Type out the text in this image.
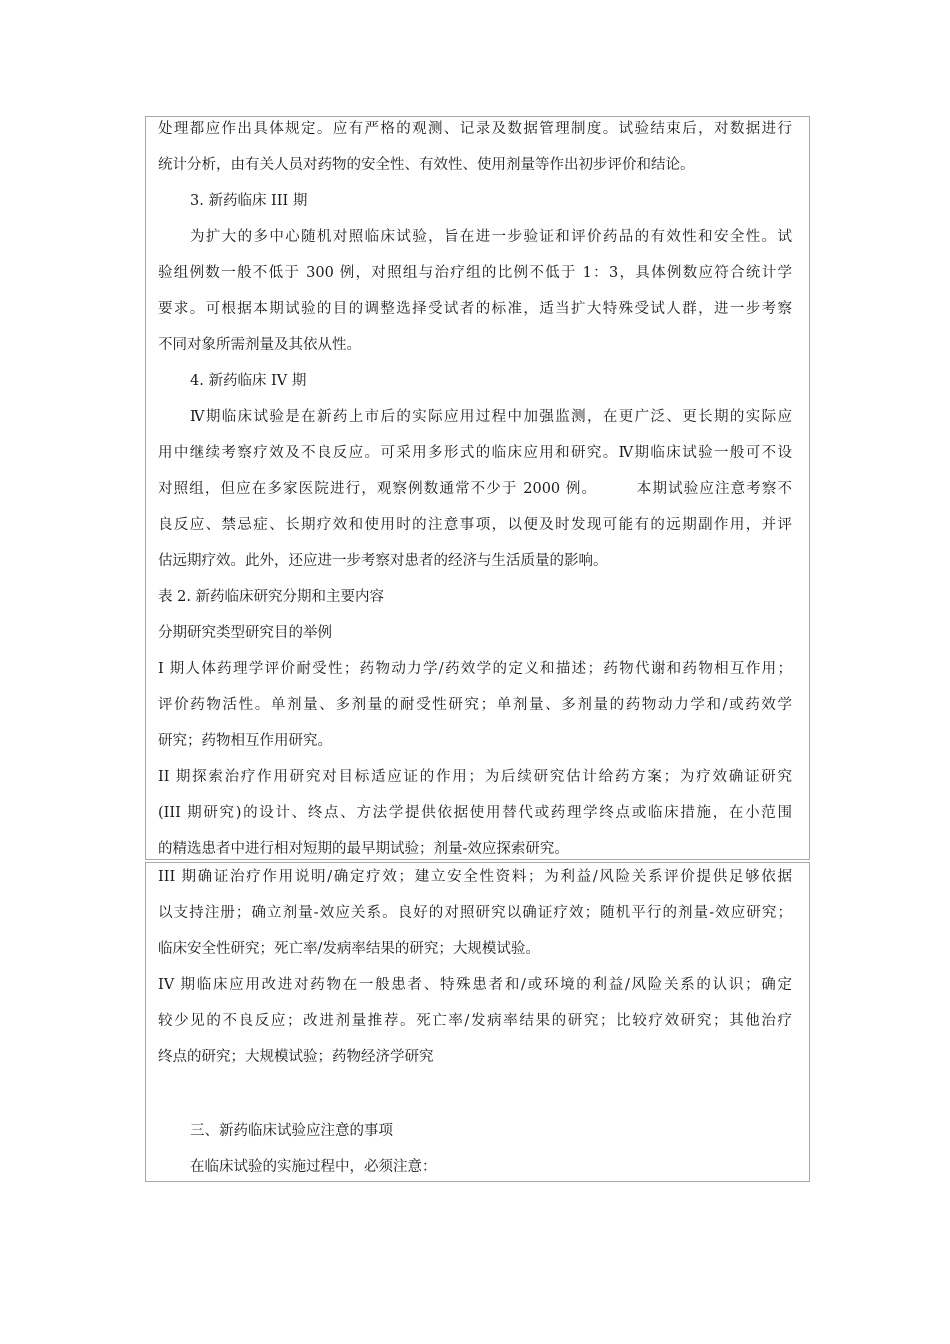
处理都应作出具体规定。应有严格的观测、记录及数据管理制度。试验结束后，对数据进行

统计分析，由有关人员对药物的安全性、有效性、使用剂量等作出初步评价和结论。

3. 新药临床 III 期

为扩大的多中心随机对照临床试验，旨在进一步验证和评价药品的有效性和安全性。试

验组例数一般不低于 300 例，对照组与治疗组的比例不低于 1：3，具体例数应符合统计学

要求。可根据本期试验的目的调整选择受试者的标准，适当扩大特殊受试人群，进一步考察

不同对象所需剂量及其依从性。

4. 新药临床 IV 期

Ⅳ期临床试验是在新药上市后的实际应用过程中加强监测，在更广泛、更长期的实际应

用中继续考察疗效及不良反应。可采用多形式的临床应用和研究。Ⅳ期临床试验一般可不设

对照组，但应在多家医院进行，观察例数通常不少于 2000 例。　　　本期试验应注意考察不

良反应、禁忌症、长期疗效和使用时的注意事项，以便及时发现可能有的远期副作用，并评

估远期疗效。此外，还应进一步考察对患者的经济与生活质量的影响。

表 2. 新药临床研究分期和主要内容

分期研究类型研究目的举例

I 期人体药理学评价耐受性；药物动力学/药效学的定义和描述；药物代谢和药物相互作用；

评价药物活性。单剂量、多剂量的耐受性研究；单剂量、多剂量的药物动力学和/或药效学

研究；药物相互作用研究。

II 期探索治疗作用研究对目标适应证的作用；为后续研究估计给药方案；为疗效确证研究

(III 期研究)的设计、终点、方法学提供依据使用替代或药理学终点或临床措施，在小范围

的精选患者中进行相对短期的最早期试验；剂量-效应探索研究。

III 期确证治疗作用说明/确定疗效；建立安全性资料；为利益/风险关系评价提供足够依据

以支持注册；确立剂量-效应关系。良好的对照研究以确证疗效；随机平行的剂量-效应研究；

临床安全性研究；死亡率/发病率结果的研究；大规模试验。

IV 期临床应用改进对药物在一般患者、特殊患者和/或环境的利益/风险关系的认识；确定

较少见的不良反应；改进剂量推荐。死亡率/发病率结果的研究；比较疗效研究；其他治疗

终点的研究；大规模试验；药物经济学研究

三、新药临床试验应注意的事项

在临床试验的实施过程中，必须注意：
